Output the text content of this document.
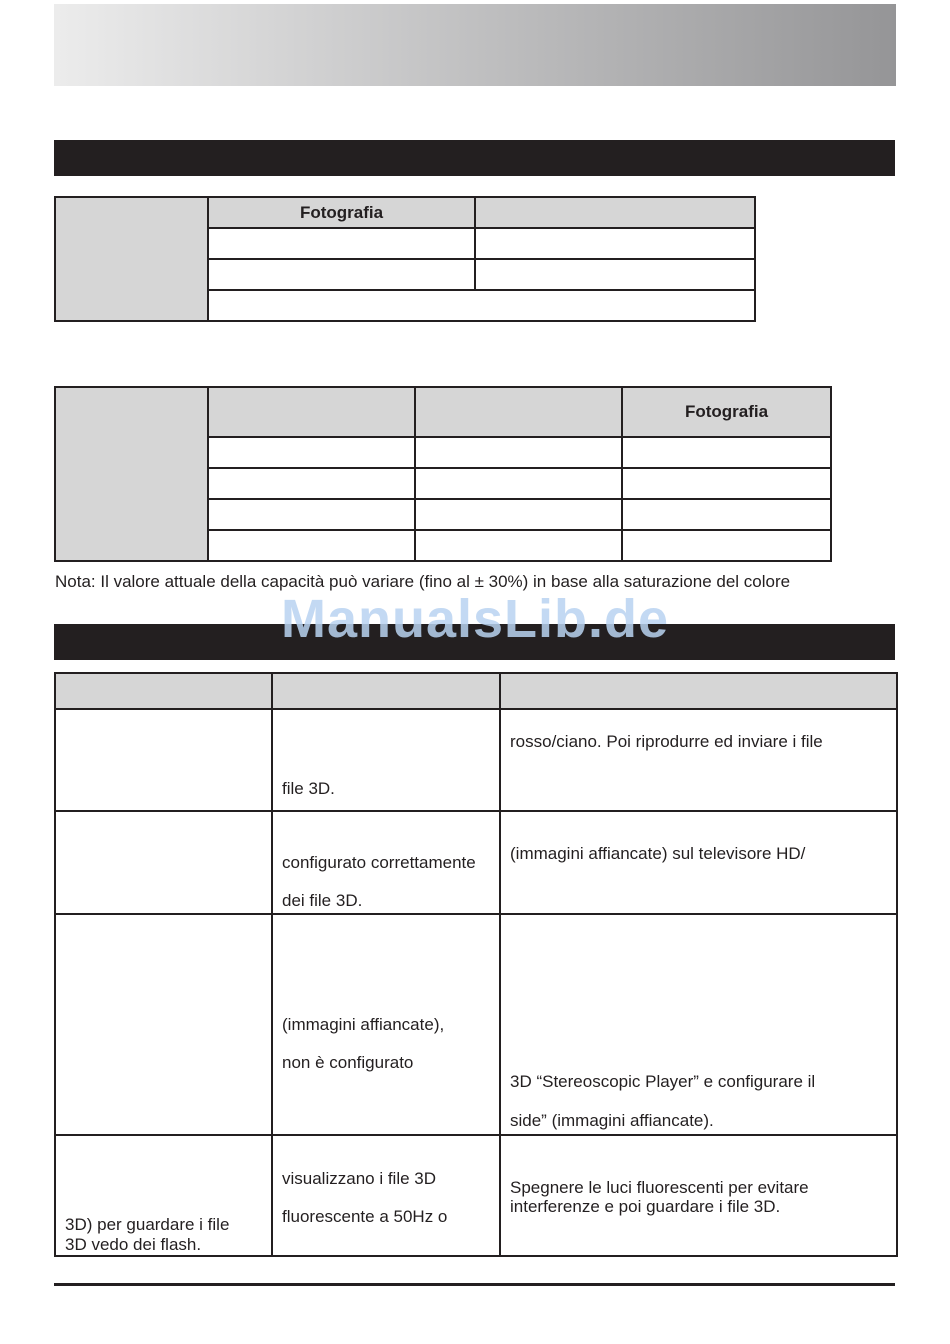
	Fotografia	

			Fotografia

Nota: Il valore attuale della capacità può variare (fino al ± 30%) in base alla saturazione del colore

ManualsLib.de

	file 3D.	rosso/ciano. Poi riprodurre ed inviare i file

	configurato correttamente
dei file 3D.	(immagini affiancate) sul televisore HD/

	(immagini affiancate),
non è configurato	3D “Stereoscopic Player” e configurare il
side” (immagini affiancate).

3D) per guardare i file
3D vedo dei flash.	visualizzano i file 3D
fluorescente a 50Hz o	Spegnere le luci fluorescenti per evitare
interferenze e poi guardare i file 3D.
